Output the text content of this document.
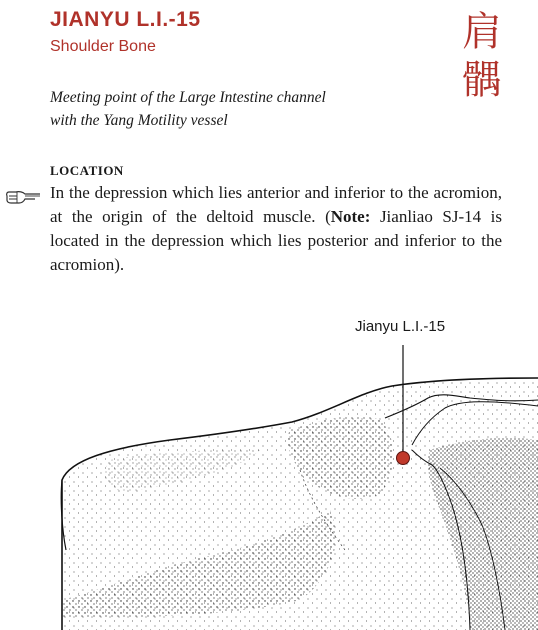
JIANYU L.I.-15
Shoulder Bone	肩
髃
Meeting point of the Large Intestine channel
with the Yang Motility vessel
LOCATION
In the depression which lies anterior and inferior to the acromion, at the origin of the deltoid muscle. (Note: Jianliao SJ-14 is located in the depression which lies posterior and inferior to the acromion).
Jianyu L.I.-15
